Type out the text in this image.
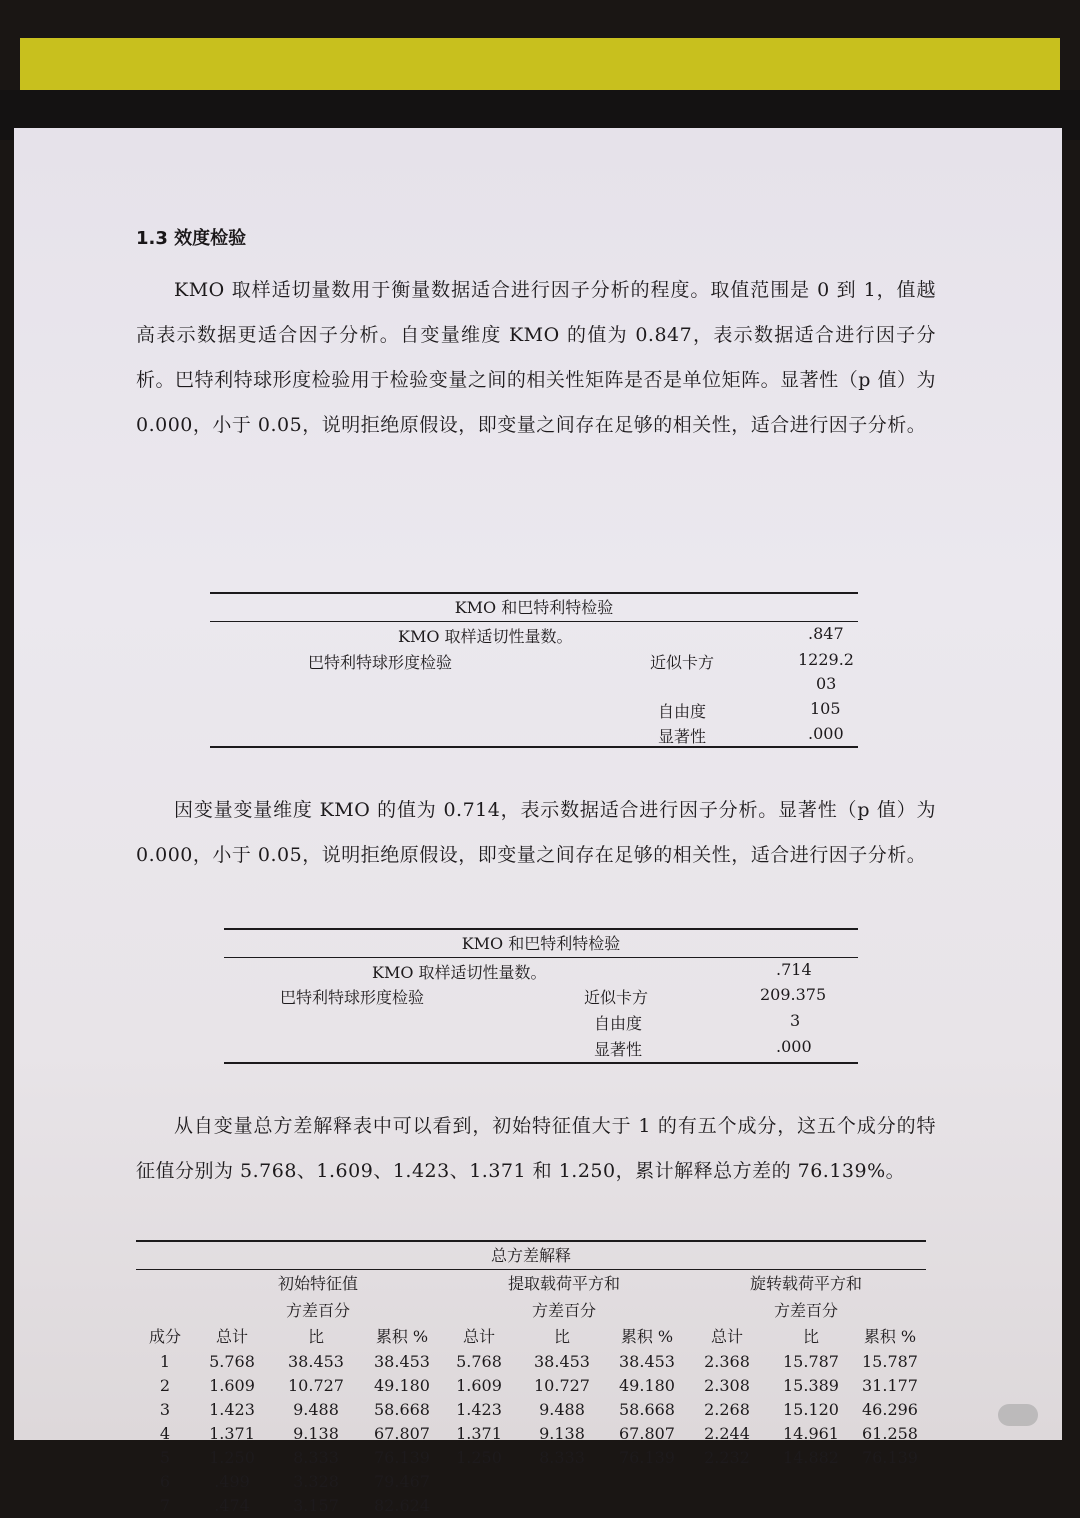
1.3 效度检验

KMO 取样适切量数用于衡量数据适合进行因子分析的程度。取值范围是 0 到 1，值越高表示数据更适合因子分析。自变量维度 KMO 的值为 0.847，表示数据适合进行因子分析。巴特利特球形度检验用于检验变量之间的相关性矩阵是否是单位矩阵。显著性（p 值）为 0.000，小于 0.05，说明拒绝原假设，即变量之间存在足够的相关性，适合进行因子分析。

KMO 和巴特利特检验
KMO 取样适切性量数。	.847
巴特利特球形度检验	近似卡方	1229.2
03
自由度	105
显著性	.000

因变量变量维度 KMO 的值为 0.714，表示数据适合进行因子分析。显著性（p 值）为 0.000，小于 0.05，说明拒绝原假设，即变量之间存在足够的相关性，适合进行因子分析。

KMO 和巴特利特检验
KMO 取样适切性量数。	.714
巴特利特球形度检验	近似卡方	209.375
自由度	3
显著性	.000

从自变量总方差解释表中可以看到，初始特征值大于 1 的有五个成分，这五个成分的特征值分别为 5.768、1.609、1.423、1.371 和 1.250，累计解释总方差的 76.139%。

总方差解释
	初始特征值			提取载荷平方和			旋转载荷平方和		
	方差百分			方差百分			方差百分		
成分	总计	比	累积 %	总计	比	累积 %	总计	比	累积 %
1	5.768	38.453	38.453	5.768	38.453	38.453	2.368	15.787	15.787
2	1.609	10.727	49.180	1.609	10.727	49.180	2.308	15.389	31.177
3	1.423	9.488	58.668	1.423	9.488	58.668	2.268	15.120	46.296
4	1.371	9.138	67.807	1.371	9.138	67.807	2.244	14.961	61.258
5	1.250	8.333	76.139	1.250	8.333	76.139	2.232	14.882	76.139
6	.499	3.328	79.467						
7	.474	3.157	82.624						
